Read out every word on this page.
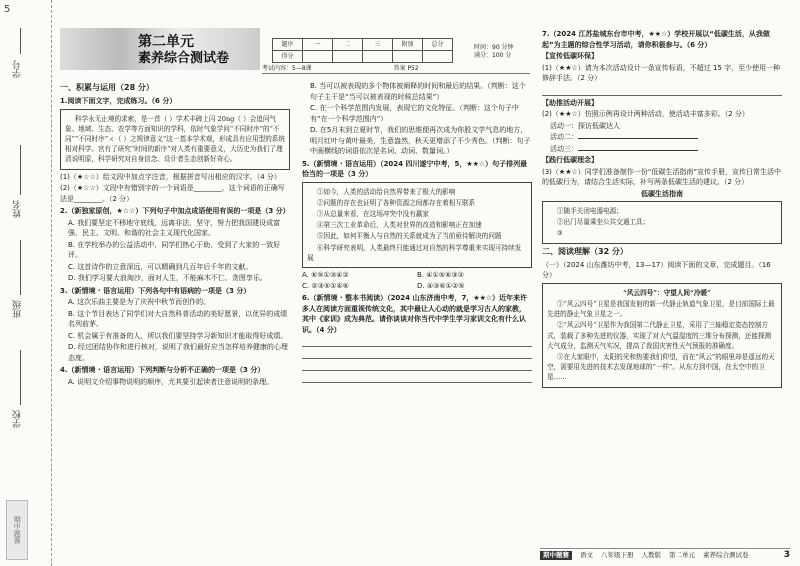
5
学号
姓名
班级
学校
期中题赛
第二单元
素养综合测试卷
题序	一	二	三	附加	总分
得分					
时间：90 分钟
满分：100 分
考试内容：5—8课	答案 P52
一、积累与运用（28 分）

1.阅读下面文字，完成练习。（6 分）

科学永无止境的求索，是一首（ ）学术丰碑上闪 20ng（ ）会追问气象、地域、生态、农学等方面知识的学科，依时气象学问“不同时序”的“不同”“不同时序”ㄨ（ ）之规律意义”这一基本学术观，形成具有应用型的系统相对科学。宫有了研究“时间的新序”对人类有重要意义，大历史为我们了理清说明原，科学研究对自身信念、设计者生态创新好奇心。

(1)（★☆☆）给文段中加点字注音，根据拼音写出相应的汉字。（4 分）

(2)（★☆☆）文段中有错别字的一个词语是________，这个词语的正确写法是________。（2 分）

2.（新独家原创，★☆☆）下列句子中加点成语使用有误的一项是（3 分）

A. 我们要坚定不移地守底线，远离非法，坚守，努力把我国建设成富强、民主、文明、和谐的社会主义现代化国家。

B. 在学校举办的公益活动中，同学们热心于助，受到了大家的一致好评。

C. 这首诗作的立意深远，可以精确到几百年后千年的文献。

D. 我们学习要大浪淘沙，面对人生，不能麻木不仁、贪图享乐。

3.（新情境 · 语言运用）下列各句中有语病的一项是（3 分）

A. 这次乐曲主要是为了庆祝中秋节而创作的。

B. 这个节目表达了同学们对大自然科普活动的美好愿景，以优异的成绩名列前茅。

C. 机会属于有准备的人，所以我们要坚持学习新知识才能取得好成绩。

D. 经过团结协作和进行核对，说明了我们最好应当怎样培养健康的心理态度。

4.（新情境 · 语言运用）下列判断与分析不正确的一项是（3 分）

A. 说明文介绍事物说明的顺序，尤其要引起读者注意说明的条理。

B. 当可以被表现的多个物体被阐释的时间和最后的结果。（判断：这个句子主干是“当可以被表现的时候总结果”）

C. 在一个科学范围内发展，表现它的文化特征。（判断：这个句子中有“在一个科学范围内”）

D. 在5月末到立夏时节，我们的思维便再次成为你股文学气息的地方，明月红叶与黄叶最美，生意盎然，秋天更增添了不少秀色。（判断：句子中画横线的词语依次是名词、动词、数量词。）

5.（新情境 · 语言运用）（2024 四川遂宁中考，5，★★☆）句子排列最恰当的一项是（3 分）

①如今，人类的活动给自然界带来了极大的影响

②问题的存在也证明了各种资源之间都存在着相互联系

③从总量来看，在这场冲突中没有赢家

④第三次工业革命后，人类对世界的改造和影响正在加速

⑤因此，如何平衡人与自然的关系就成为了当前亟待解决的问题

⑥科学研究表明，人类最终只能通过对自然的科学尊重来实现可持续发展

A. ⑥⑤①③④②	B. ④①⑤⑥③②
C. ②③⑤①④⑥	D. ④③⑥①②⑤

6.（新情境 · 整本书阅读）（2024 山东济南中考，7，★★☆）近年来许多人在阅读方面重视传统文化，其中最让人心动的就是学习古人的家教，其中《家训》成为典范。请你谈谈对你当代中学生学习家训文化有什么认识。（4 分）

7.（2024 江苏盐城东台市中考，★★☆）学校开展以“低碳生活，从我做起”为主题的综合性学习活动，请你积极参与。（6 分）

【宣传低碳环保】

(1)（★★☆）请为本次活动设计一条宣传标语，不超过 15 字，至少使用一种修辞手法。（2 分）

【助推活动开展】

(2)（★★☆）仿照示例再设计两种活动，使活动丰富多彩。（2 分）

活动一：探访低碳达人

活动二：

活动三：

【践行低碳理念】

(3)（★★☆）同学们准备制作一份“低碳生活指南”宣传手册，宣传日常生活中的低碳行为，请结合生活实际，补写两条低碳生活的建议。（2 分）

低碳生活指南

①随手关闭电器电源；

②出门尽量乘坐公共交通工具；

③

二、阅读理解（32 分）

（一）（2024 山东潍坊中考，13—17）阅读下面的文章，完成题目。（16 分）

“风云四号”：守望人间“冷暖”

①“风云四号”卫星是我国发射的新一代静止轨道气象卫星，是目前国际上最先进的静止气象卫星之一。

②“风云四号”卫星作为我国第二代静止卫星，采用了三轴稳定姿态控制方式，装载了多种先进的仪器，实现了对大气温湿度的三维分布探测，还能探测大气成分，监测天气实况，提高了我国灾害性天气预报的准确度。

③在大家眼中，太阳的光和热要我们仰望，而在“风云”的眼里却是遥远的天空，需要用先进的技术去发现地球的“一样”。从东方到中国，在太空中的卫星……

期中题赛	语文 八年级下册 人教版 第二单元 素养综合测试卷	3
